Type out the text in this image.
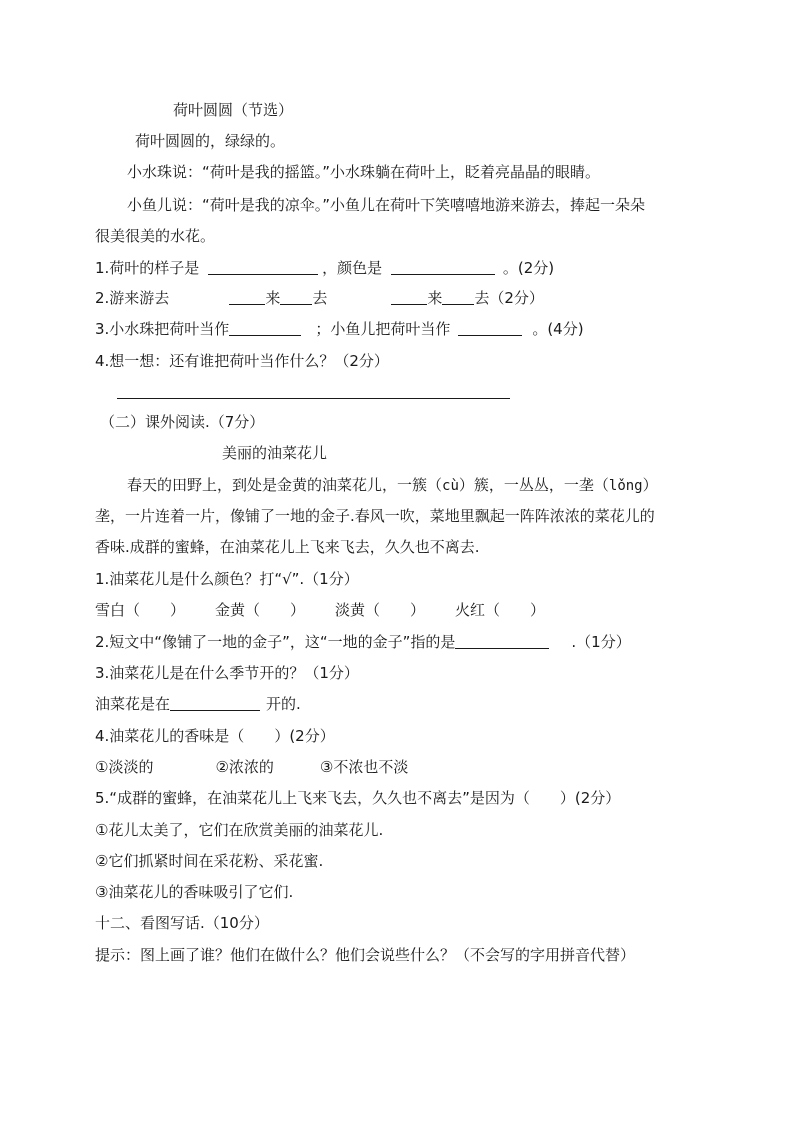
荷叶圆圆（节选）
荷叶圆圆的，绿绿的。
小水珠说：“荷叶是我的摇篮。”小水珠躺在荷叶上，眨着亮晶晶的眼睛。
小鱼儿说：“荷叶是我的凉伞。”小鱼儿在荷叶下笑嘻嘻地游来游去，捧起一朵朵
很美很美的水花。
1.荷叶的样子是	，颜色是	。(2分)
2.游来游去	来 去	来 去（2分）
3.小水珠把荷叶当作	；小鱼儿把荷叶当作	。(4分)
4.想一想：还有谁把荷叶当作什么？（2分）
（二）课外阅读.（7分）
美丽的油菜花儿
春天的田野上，到处是金黄的油菜花儿，一簇（cù）簇，一丛丛，一垄（lǒng）
垄，一片连着一片，像铺了一地的金子.春风一吹，菜地里飘起一阵阵浓浓的菜花儿的
香味.成群的蜜蜂，在油菜花儿上飞来飞去，久久也不离去.
1.油菜花儿是什么颜色？打“√”.（1分）
雪白（　　） 金黄（　　） 淡黄（　　） 火红（　　）
2.短文中“像铺了一地的金子”，这“一地的金子”指的是	.（1分）
3.油菜花儿是在什么季节开的？（1分）
油菜花是在	开的.
4.油菜花儿的香味是（　　）(2分）
①淡淡的	②浓浓的	③不浓也不淡
5.“成群的蜜蜂，在油菜花儿上飞来飞去，久久也不离去”是因为（　　）(2分）
①花儿太美了，它们在欣赏美丽的油菜花儿.
②它们抓紧时间在采花粉、采花蜜.
③油菜花儿的香味吸引了它们.
十二、看图写话.（10分）
提示：图上画了谁？他们在做什么？他们会说些什么？（不会写的字用拼音代替）
